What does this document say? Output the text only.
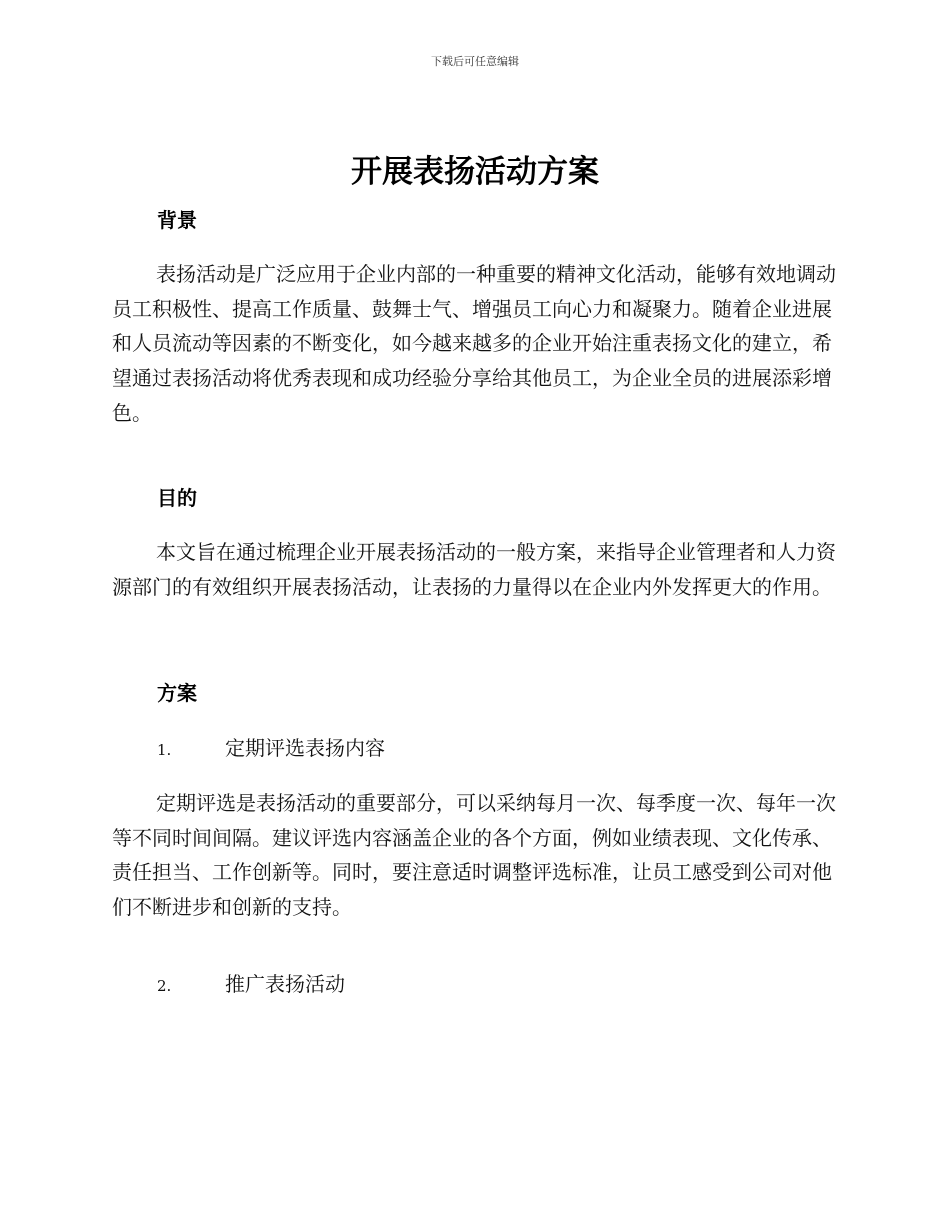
下载后可任意编辑
开展表扬活动方案
背景
表扬活动是广泛应用于企业内部的一种重要的精神文化活动，能够有效地调动员工积极性、提高工作质量、鼓舞士气、增强员工向心力和凝聚力。随着企业进展和人员流动等因素的不断变化，如今越来越多的企业开始注重表扬文化的建立，希望通过表扬活动将优秀表现和成功经验分享给其他员工，为企业全员的进展添彩增色。
目的
本文旨在通过梳理企业开展表扬活动的一般方案，来指导企业管理者和人力资源部门的有效组织开展表扬活动，让表扬的力量得以在企业内外发挥更大的作用。
方案
1.	定期评选表扬内容
定期评选是表扬活动的重要部分，可以采纳每月一次、每季度一次、每年一次等不同时间间隔。建议评选内容涵盖企业的各个方面，例如业绩表现、文化传承、责任担当、工作创新等。同时，要注意适时调整评选标准，让员工感受到公司对他们不断进步和创新的支持。
2.	推广表扬活动
